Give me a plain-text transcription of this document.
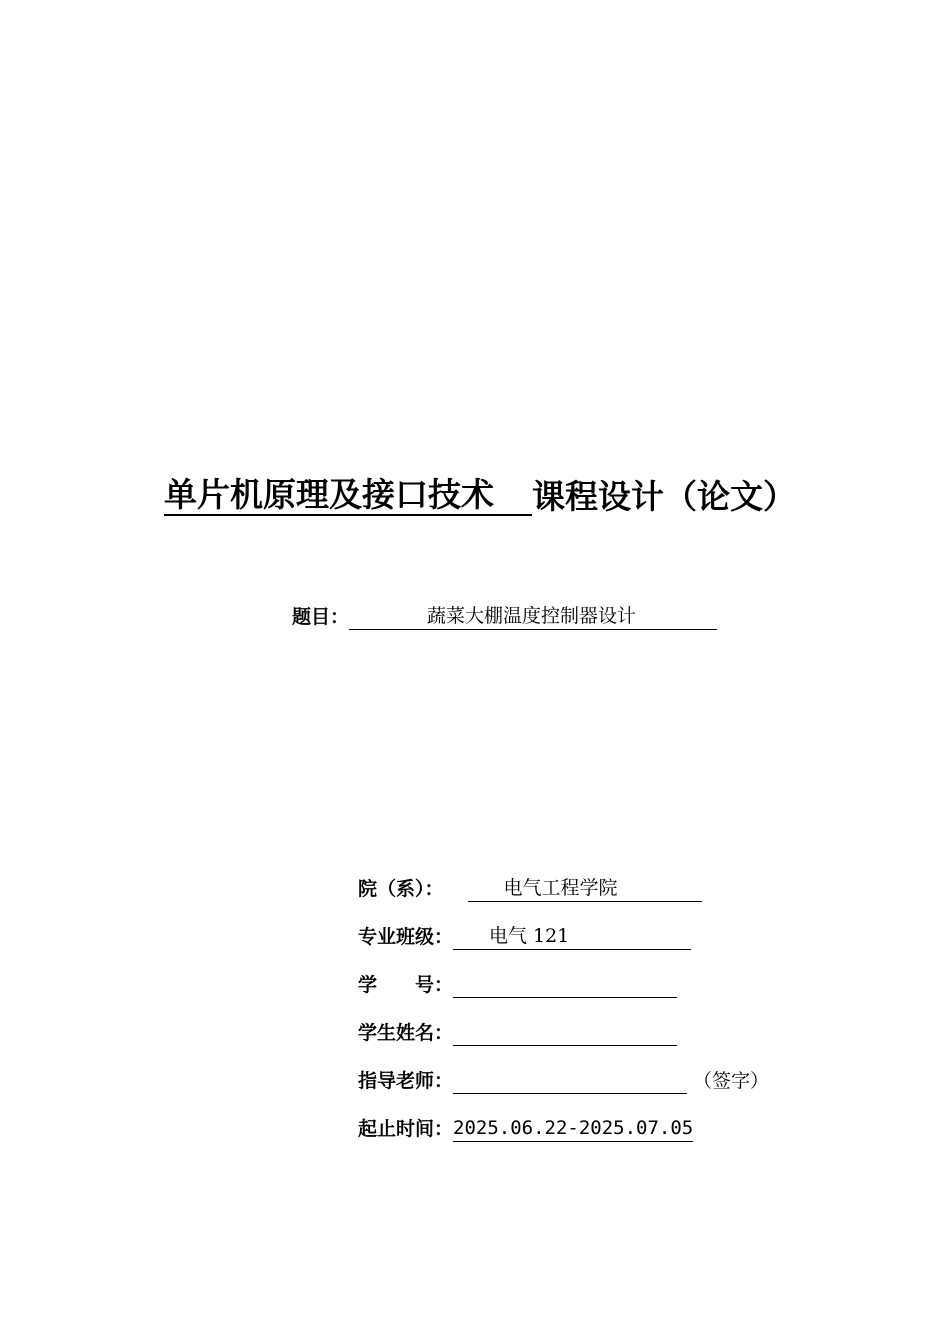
单片机原理及接口技术	课程设计（论文）
题目：	蔬菜大棚温度控制器设计
院（系）：	电气工程学院
专业班级：	电气 121
学　　号：
学生姓名：
指导老师：	（签字）
起止时间： 2025.06.22-2025.07.05
